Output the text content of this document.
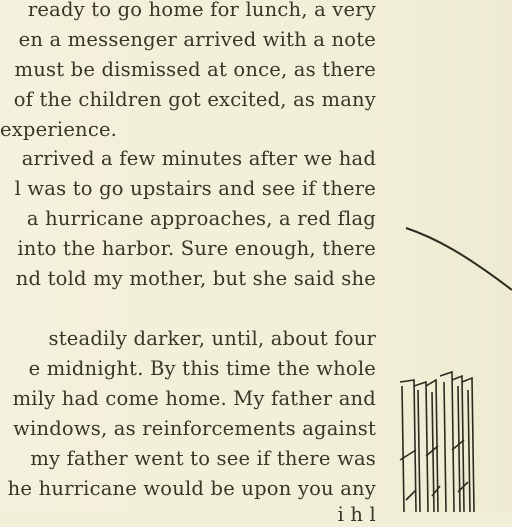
ready to go home for lunch, a very
en a messenger arrived with a note
must be dismissed at once, as there
of the children got excited, as many
experience.
arrived a few minutes after we had
l was to go upstairs and see if there
a hurricane approaches, a red flag
into the harbor. Sure enough, there
nd told my mother, but she said she
steadily darker, until, about four
e midnight. By this time the whole
mily had come home. My father and
windows, as reinforcements against
my father went to see if there was
he hurricane would be upon you any
i h l
